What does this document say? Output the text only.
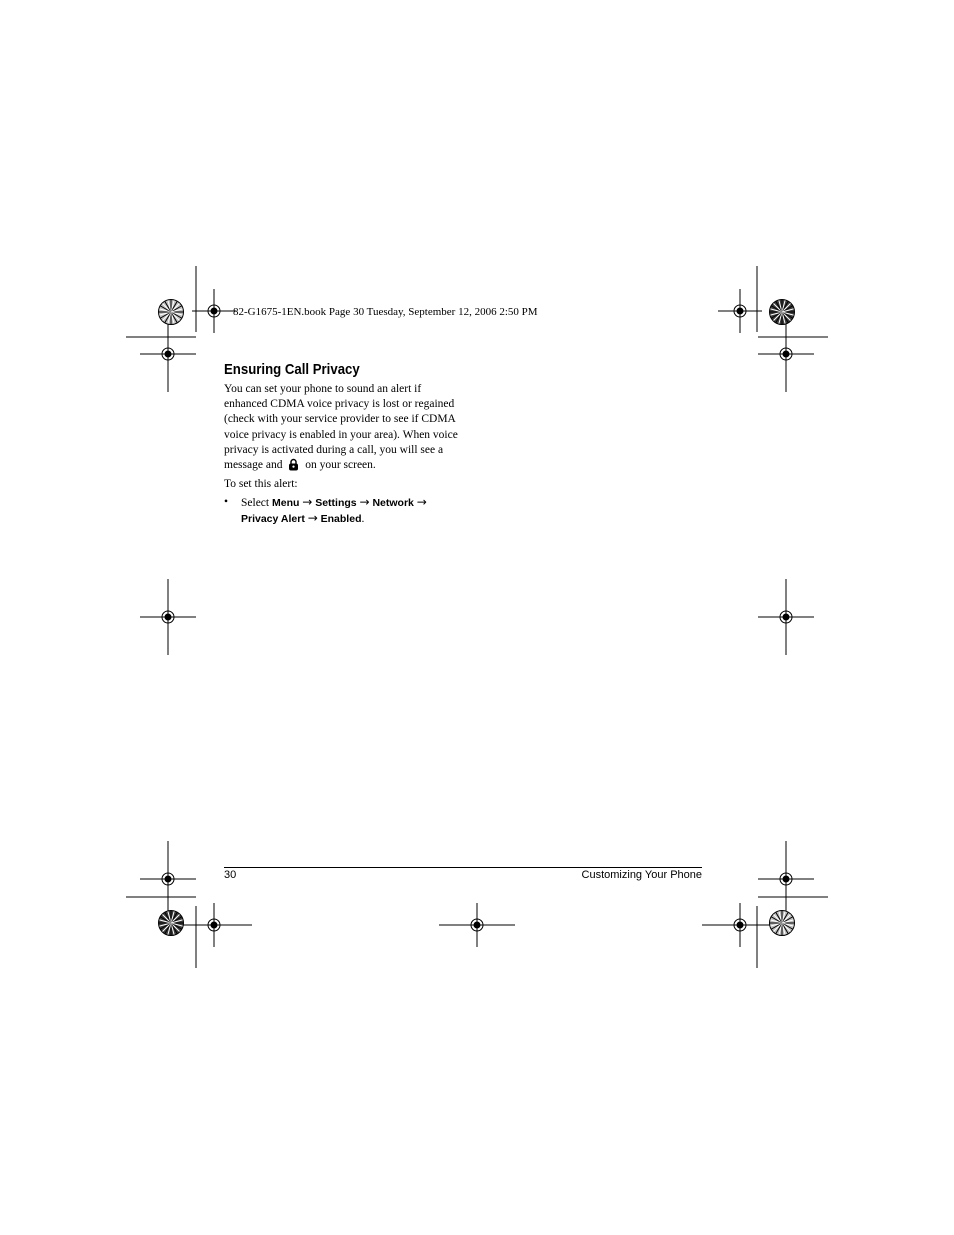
82-G1675-1EN.book Page 30 Tuesday, September 12, 2006 2:50 PM
Ensuring Call Privacy
You can set your phone to sound an alert if
enhanced CDMA voice privacy is lost or regained
(check with your service provider to see if CDMA
voice privacy is enabled in your area). When voice
privacy is activated during a call, you will see a
message and on your screen.
To set this alert:
• Select Menu → Settings → Network →
Privacy Alert → Enabled.
30	Customizing Your Phone
